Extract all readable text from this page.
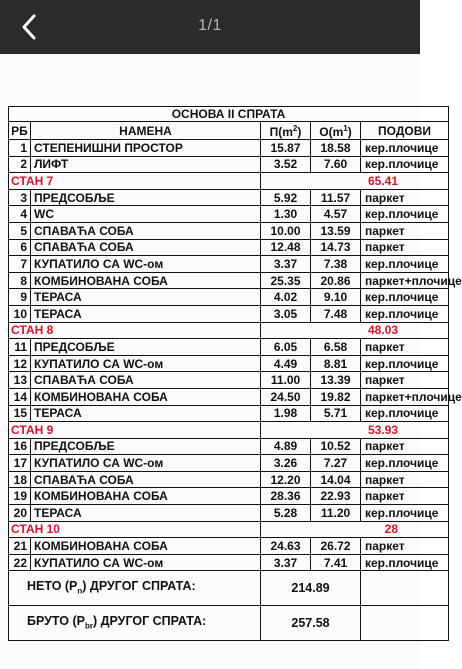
1/1
ОСНОВА II СПРАТА				
РБ	НАМЕНА	$П(m^2)$	$О(m^1)$	ПОДОВИ
1	СТЕПЕНИШНИ ПРОСТОР	15.87	18.58	кер.плочице
2	ЛИФТ	3.52	7.60	кер.плочице
СТАН 7		65.41		
3	ПРЕДСОБЉЕ	5.92	11.57	паркет
4	WC	1.30	4.57	кер.плочице
5	СПАВАЋА СОБА	10.00	13.59	паркет
6	СПАВАЋА СОБА	12.48	14.73	паркет
7	КУПАТИЛО СА WC-ом	3.37	7.38	кер.плочице
8	КОМБИНОВАНА СОБА	25.35	20.86	паркет+плочице
9	ТЕРАСА	4.02	9.10	кер.плочице
10	ТЕРАСА	3.05	7.48	кер.плочице
СТАН 8		48.03		
11	ПРЕДСОБЉЕ	6.05	6.58	паркет
12	КУПАТИЛО СА WC-ом	4.49	8.81	кер.плочице
13	СПАВАЋА СОБА	11.00	13.39	паркет
14	КОМБИНОВАНА СОБА	24.50	19.82	паркет+плочице
15	ТЕРАСА	1.98	5.71	кер.плочице
СТАН 9		53.93		
16	ПРЕДСОБЉЕ	4.89	10.52	паркет
17	КУПАТИЛО СА WC-ом	3.26	7.27	кер.плочице
18	СПАВАЋА СОБА	12.20	14.04	паркет
19	КОМБИНОВАНА СОБА	28.36	22.93	паркет
20	ТЕРАСА	5.28	11.20	кер.плочице
СТАН 10		28		
21	КОМБИНОВАНА СОБА	24.63	26.72	паркет
22	КУПАТИЛО СА WC-ом	3.37	7.41	кер.плочице
НЕТО $(P_n)$ ДРУГОГ СПРАТА:		214.89		
БРУТО $(P_{br})$ ДРУГОГ СПРАТА:		257.58		
